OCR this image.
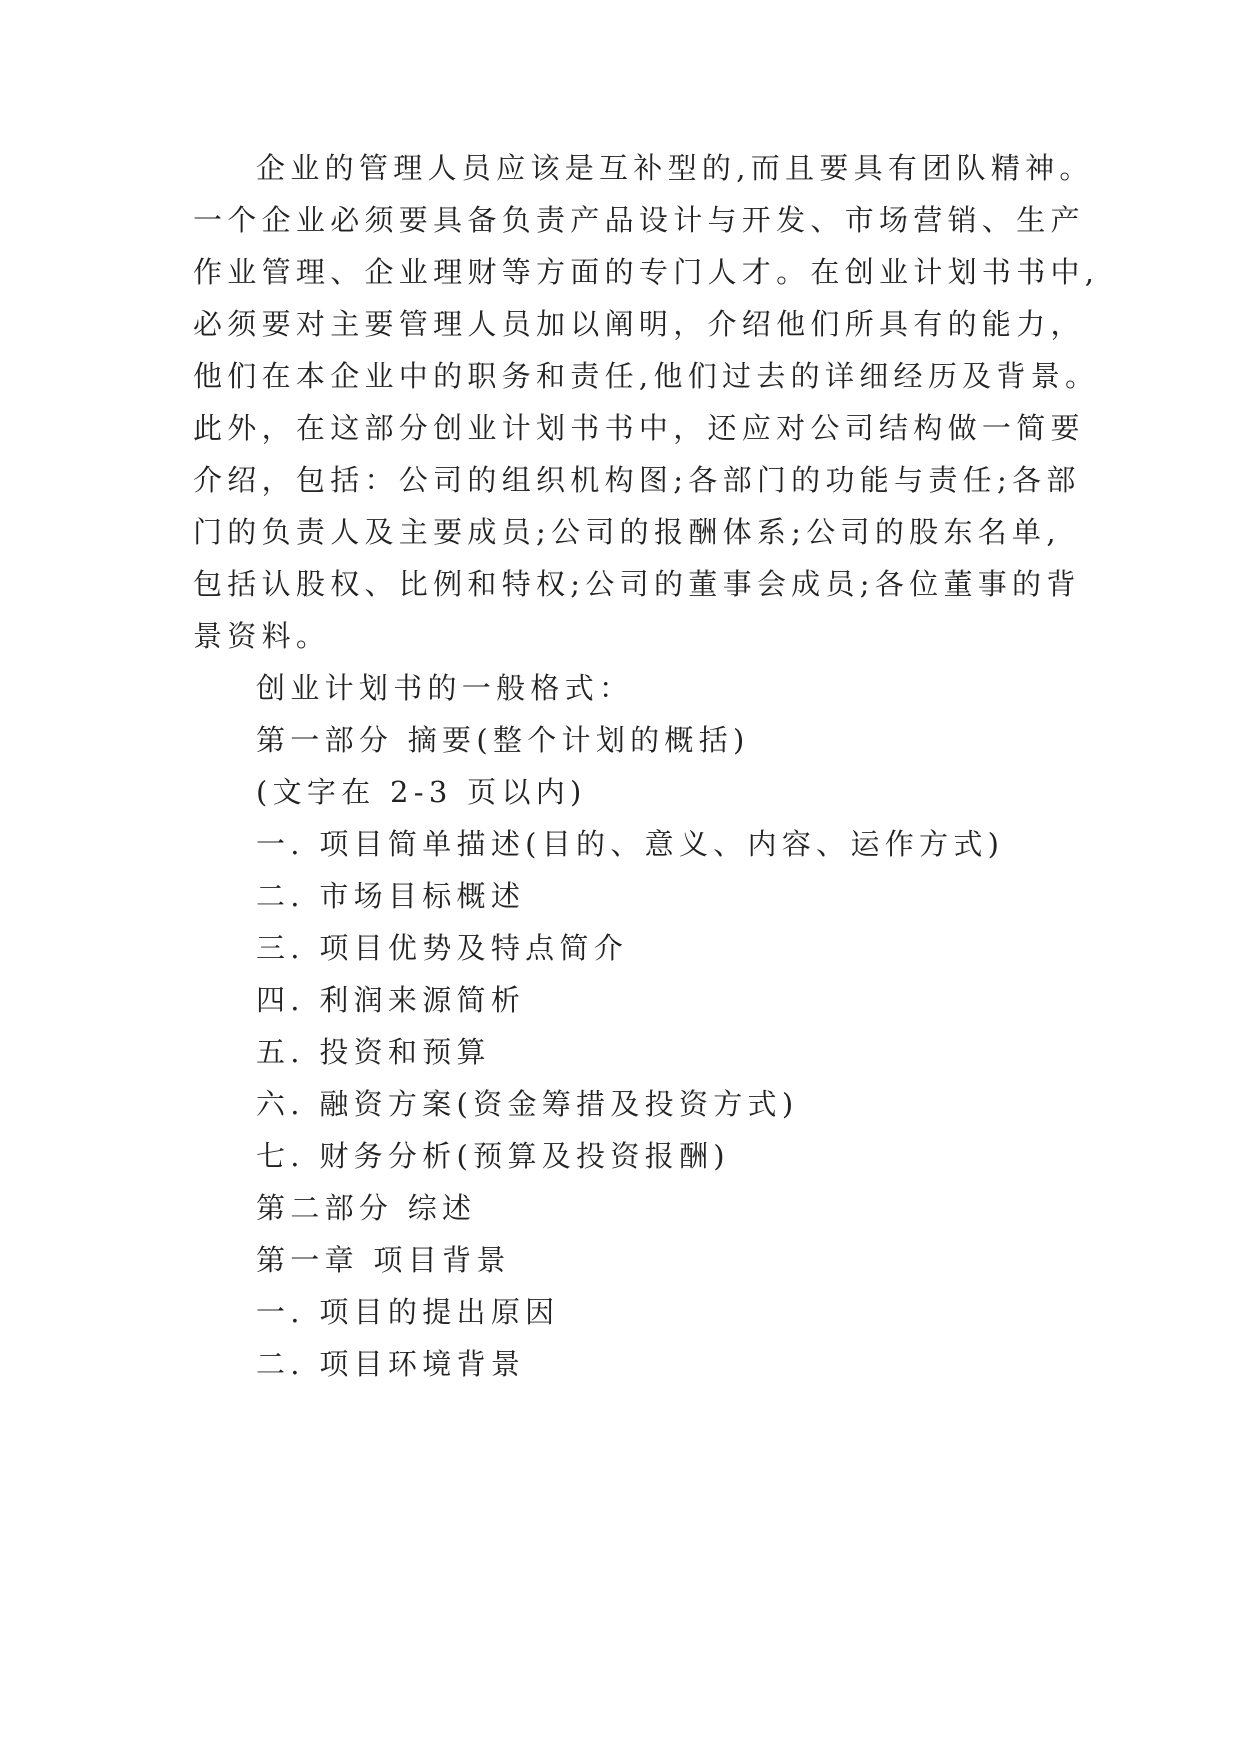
企业的管理人员应该是互补型的,而且要具有团队精神。
一个企业必须要具备负责产品设计与开发、市场营销、生产
作业管理、企业理财等方面的专门人才。在创业计划书书中,
必须要对主要管理人员加以阐明，介绍他们所具有的能力，
他们在本企业中的职务和责任,他们过去的详细经历及背景。
此外，在这部分创业计划书书中，还应对公司结构做一简要
介绍，包括：公司的组织机构图;各部门的功能与责任;各部
门的负责人及主要成员;公司的报酬体系;公司的股东名单,
包括认股权、比例和特权;公司的董事会成员;各位董事的背
景资料。
创业计划书的一般格式：
第一部分 摘要(整个计划的概括)
(文字在 2-3 页以内)
一. 项目简单描述(目的、意义、内容、运作方式)
二. 市场目标概述
三. 项目优势及特点简介
四. 利润来源简析
五. 投资和预算
六. 融资方案(资金筹措及投资方式)
七. 财务分析(预算及投资报酬)
第二部分 综述
第一章 项目背景
一. 项目的提出原因
二. 项目环境背景
